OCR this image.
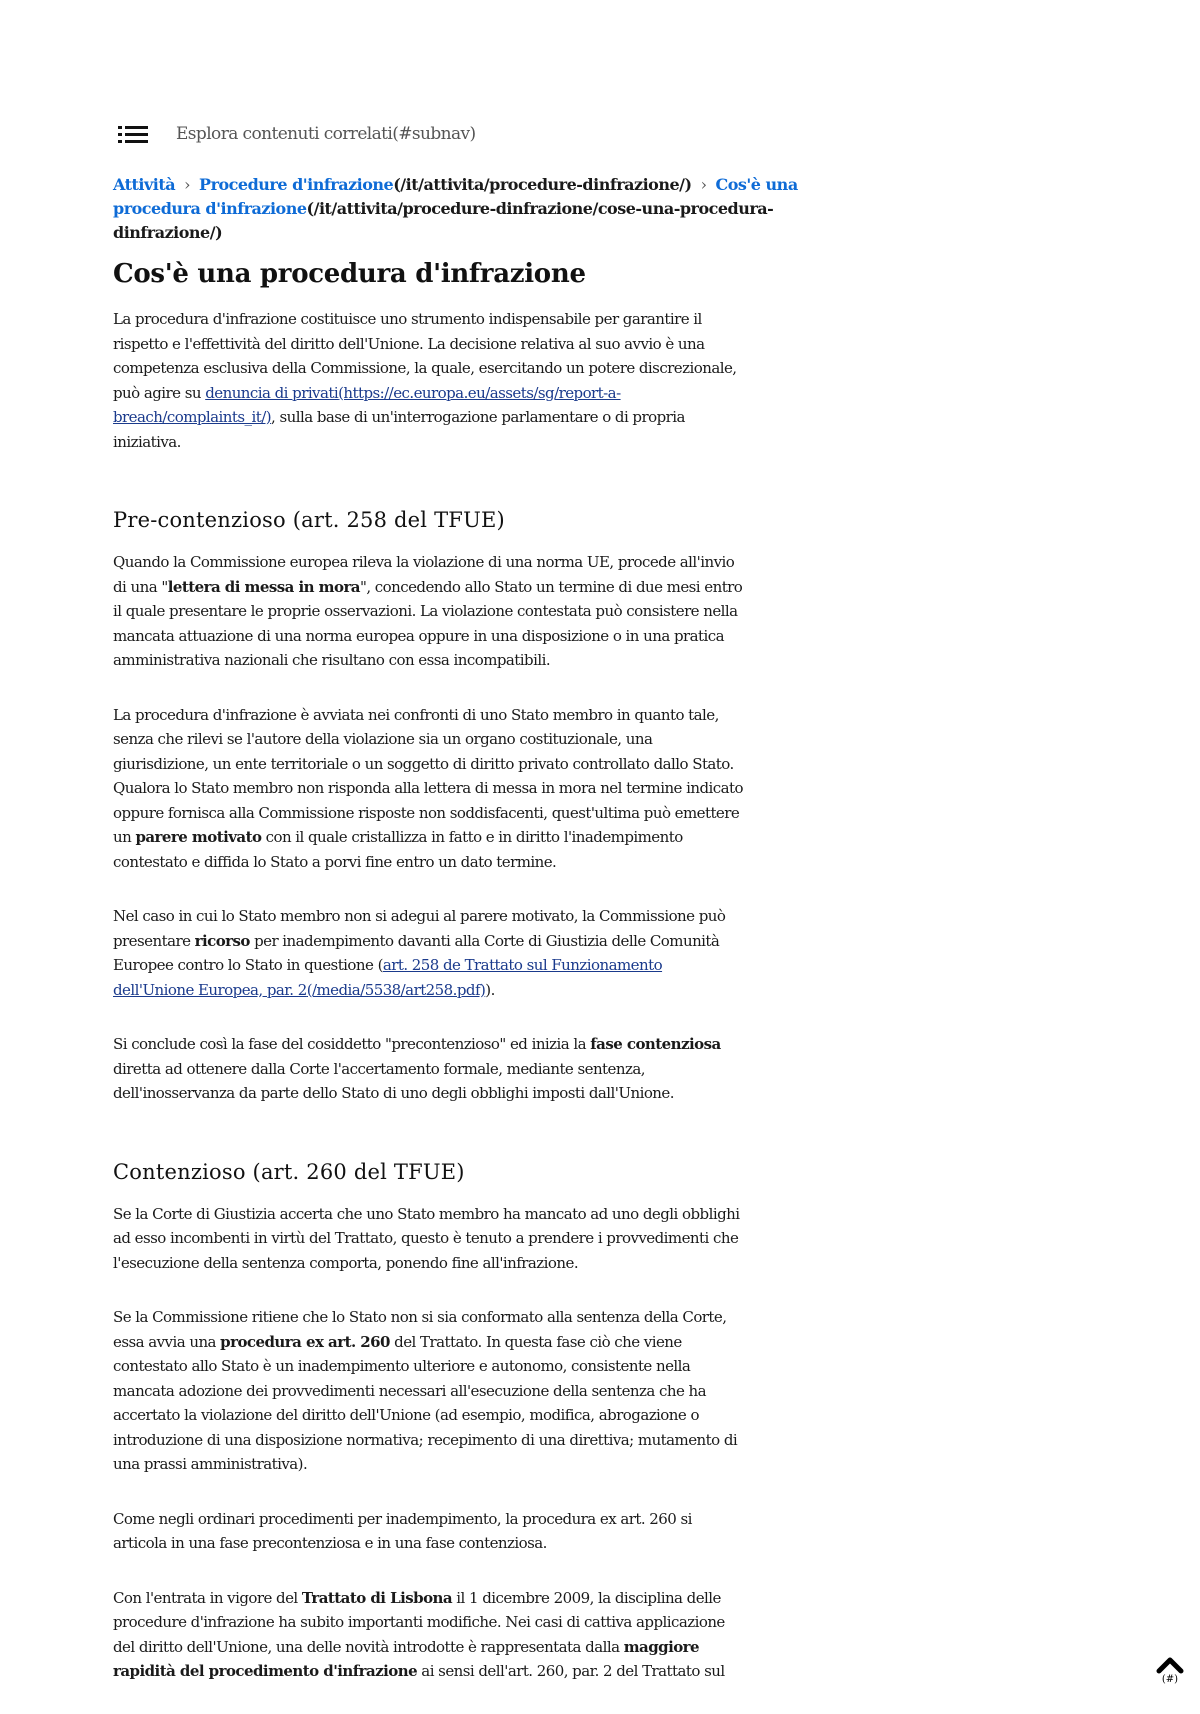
Esplora contenuti correlati(#subnav)
Attività › Procedure d'infrazione(/it/attivita/procedure-dinfrazione/) › Cos'è una procedura d'infrazione(/it/attivita/procedure-dinfrazione/cose-una-procedura-dinfrazione/)
Cos'è una procedura d'infrazione

La procedura d'infrazione costituisce uno strumento indispensabile per garantire il rispetto e l'effettività del diritto dell'Unione. La decisione relativa al suo avvio è una competenza esclusiva della Commissione, la quale, esercitando un potere discrezionale, può agire su denuncia di privati(https://ec.europa.eu/assets/sg/report-a-breach/complaints_it/), sulla base di un'interrogazione parlamentare o di propria iniziativa.

Pre-contenzioso (art. 258 del TFUE)

Quando la Commissione europea rileva la violazione di una norma UE, procede all'invio di una "lettera di messa in mora", concedendo allo Stato un termine di due mesi entro il quale presentare le proprie osservazioni. La violazione contestata può consistere nella mancata attuazione di una norma europea oppure in una disposizione o in una pratica amministrativa nazionali che risultano con essa incompatibili.

La procedura d'infrazione è avviata nei confronti di uno Stato membro in quanto tale, senza che rilevi se l'autore della violazione sia un organo costituzionale, una giurisdizione, un ente territoriale o un soggetto di diritto privato controllato dallo Stato. Qualora lo Stato membro non risponda alla lettera di messa in mora nel termine indicato oppure fornisca alla Commissione risposte non soddisfacenti, quest'ultima può emettere un parere motivato con il quale cristallizza in fatto e in diritto l'inadempimento contestato e diffida lo Stato a porvi fine entro un dato termine.

Nel caso in cui lo Stato membro non si adegui al parere motivato, la Commissione può presentare ricorso per inadempimento davanti alla Corte di Giustizia delle Comunità Europee contro lo Stato in questione (art. 258 de Trattato sul Funzionamento dell'Unione Europea, par. 2(/media/5538/art258.pdf)).

Si conclude così la fase del cosiddetto "precontenzioso" ed inizia la fase contenziosa diretta ad ottenere dalla Corte l'accertamento formale, mediante sentenza, dell'inosservanza da parte dello Stato di uno degli obblighi imposti dall'Unione.

Contenzioso (art. 260 del TFUE)

Se la Corte di Giustizia accerta che uno Stato membro ha mancato ad uno degli obblighi ad esso incombenti in virtù del Trattato, questo è tenuto a prendere i provvedimenti che l'esecuzione della sentenza comporta, ponendo fine all'infrazione.

Se la Commissione ritiene che lo Stato non si sia conformato alla sentenza della Corte, essa avvia una procedura ex art. 260 del Trattato. In questa fase ciò che viene contestato allo Stato è un inadempimento ulteriore e autonomo, consistente nella mancata adozione dei provvedimenti necessari all'esecuzione della sentenza che ha accertato la violazione del diritto dell'Unione (ad esempio, modifica, abrogazione o introduzione di una disposizione normativa; recepimento di una direttiva; mutamento di una prassi amministrativa).

Come negli ordinari procedimenti per inadempimento, la procedura ex art. 260 si articola in una fase precontenziosa e in una fase contenziosa.

Con l'entrata in vigore del Trattato di Lisbona il 1 dicembre 2009, la disciplina delle procedure d'infrazione ha subito importanti modifiche. Nei casi di cattiva applicazione del diritto dell'Unione, una delle novità introdotte è rappresentata dalla maggiore rapidità del procedimento d'infrazione ai sensi dell'art. 260, par. 2 del Trattato sul	(#)
